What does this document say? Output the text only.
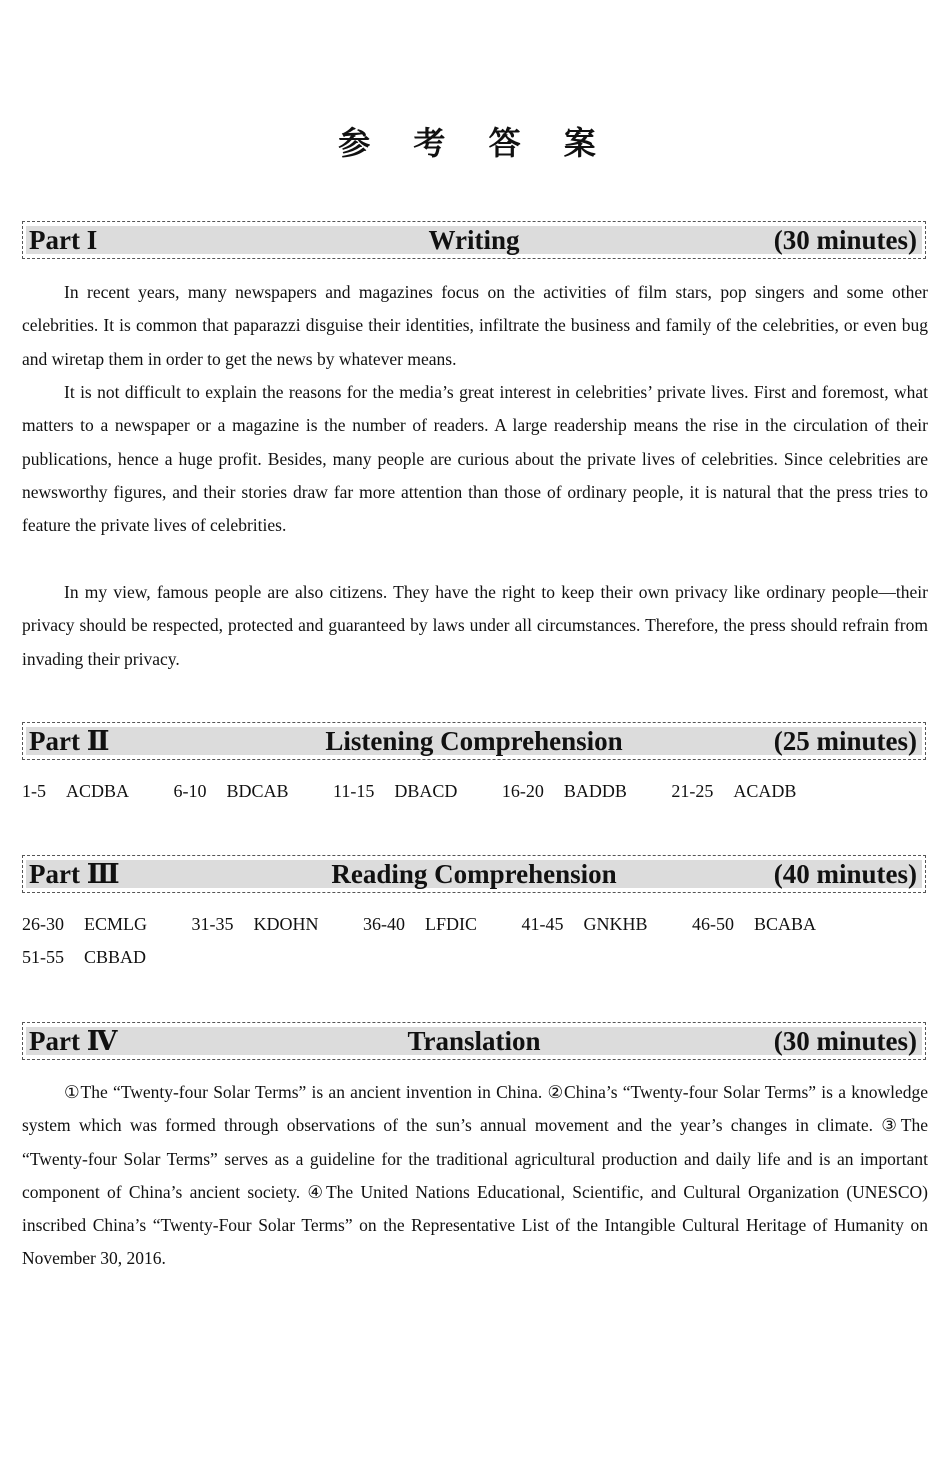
参 考 答 案
Part I	Writing	(30 minutes)

In recent years, many newspapers and magazines focus on the activities of film stars, pop singers and some other celebrities. It is common that paparazzi disguise their identities, infiltrate the business and family of the celebrities, or even bug and wiretap them in order to get the news by whatever means.

It is not difficult to explain the reasons for the media’s great interest in celebrities’ private lives. First and foremost, what matters to a newspaper or a magazine is the number of readers. A large readership means the rise in the circulation of their publications, hence a huge profit. Besides, many people are curious about the private lives of celebrities. Since celebrities are newsworthy figures, and their stories draw far more attention than those of ordinary people, it is natural that the press tries to feature the private lives of celebrities.

In my view, famous people are also citizens. They have the right to keep their own privacy like ordinary people—their privacy should be respected, protected and guaranteed by laws under all circumstances. Therefore, the press should refrain from invading their privacy.

Part Ⅱ	Listening Comprehension	(25 minutes)
1-5 ACDBA 6-10 BDCAB 11-15 DBACD 16-20 BADDB 21-25 ACADB
Part Ⅲ	Reading Comprehension	(40 minutes)
26-30 ECMLG 31-35 KDOHN 36-40 LFDIC 41-45 GNKHB 46-50 BCABA
51-55 CBBAD
Part Ⅳ	Translation	(30 minutes)

①The “Twenty-four Solar Terms” is an ancient invention in China. ②China’s “Twenty-four Solar Terms” is a knowledge system which was formed through observations of the sun’s annual movement and the year’s changes in climate. ③The “Twenty-four Solar Terms” serves as a guideline for the traditional agricultural production and daily life and is an important component of China’s ancient society. ④The United Nations Educational, Scientific, and Cultural Organization (UNESCO) inscribed China’s “Twenty-Four Solar Terms” on the Representative List of the Intangible Cultural Heritage of Humanity on November 30, 2016.
